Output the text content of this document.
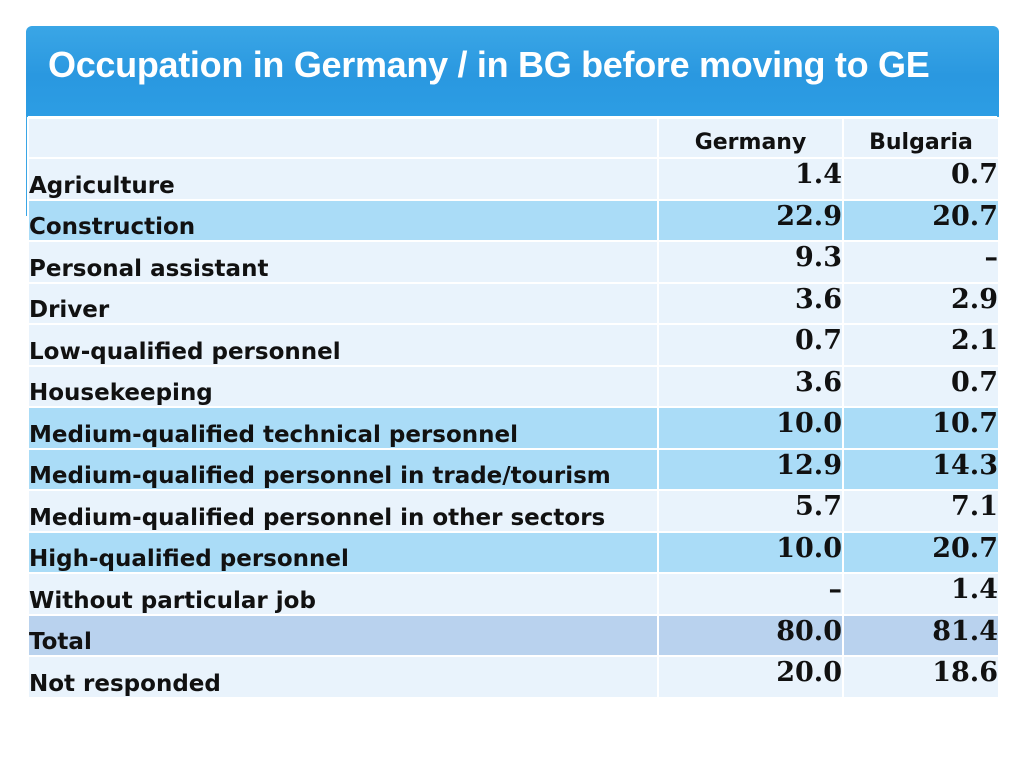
Occupation in Germany / in BG before moving to GE
	Germany	Bulgaria
Agriculture	1.4	0.7
Construction	22.9	20.7
Personal assistant	9.3	–
Driver	3.6	2.9
Low-qualified personnel	0.7	2.1
Housekeeping	3.6	0.7
Medium-qualified technical personnel	10.0	10.7
Medium-qualified personnel in trade/tourism	12.9	14.3
Medium-qualified personnel in other sectors	5.7	7.1
High-qualified personnel	10.0	20.7
Without particular job	–	1.4
Total	80.0	81.4
Not responded	20.0	18.6
